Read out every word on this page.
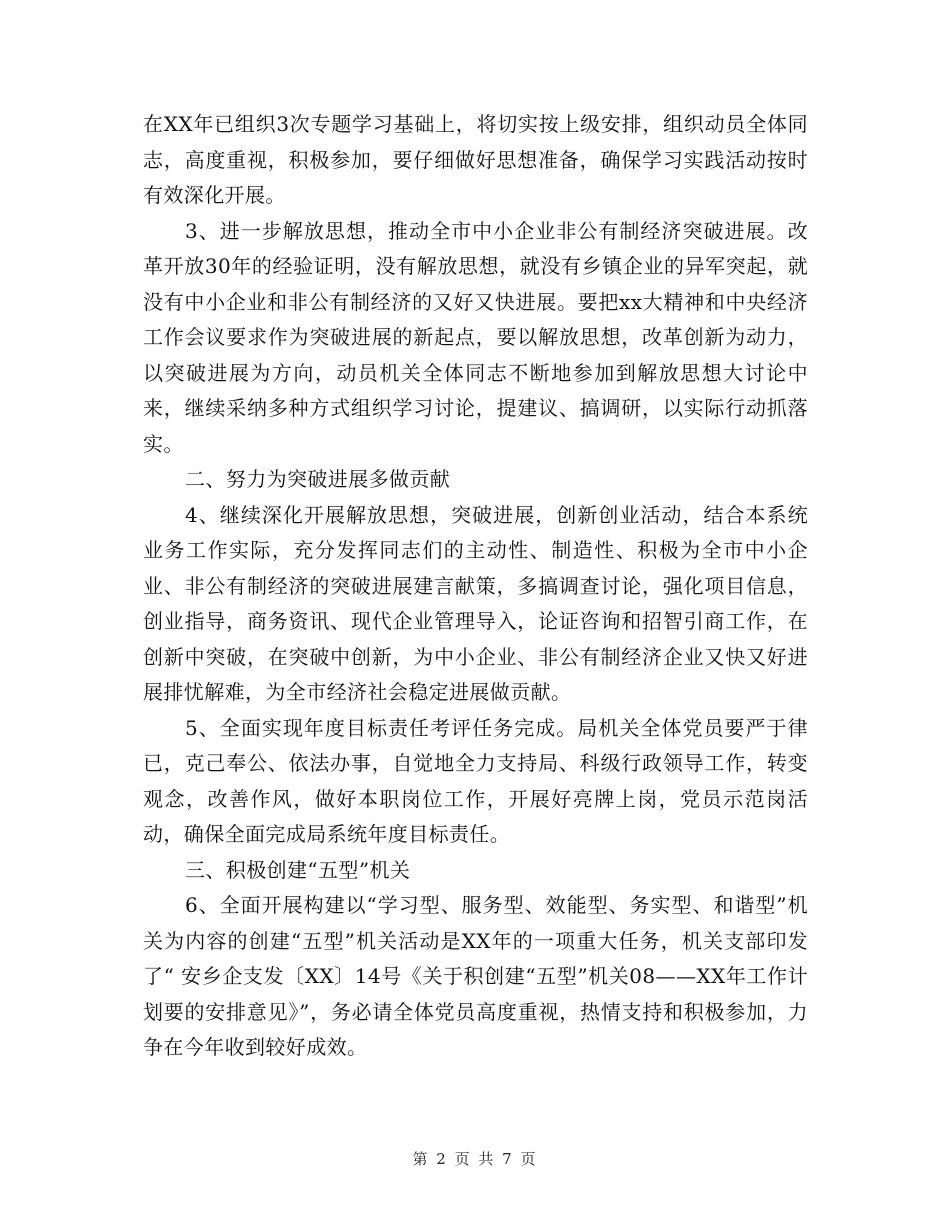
在XX年已组织3次专题学习基础上，将切实按上级安排，组织动员全体同志，高度重视，积极参加，要仔细做好思想准备，确保学习实践活动按时有效深化开展。

3、进一步解放思想，推动全市中小企业非公有制经济突破进展。改革开放30年的经验证明，没有解放思想，就没有乡镇企业的异军突起，就没有中小企业和非公有制经济的又好又快进展。要把xx大精神和中央经济工作会议要求作为突破进展的新起点，要以解放思想，改革创新为动力，以突破进展为方向，动员机关全体同志不断地参加到解放思想大讨论中来，继续采纳多种方式组织学习讨论，提建议、搞调研，以实际行动抓落实。

二、努力为突破进展多做贡献

4、继续深化开展解放思想，突破进展，创新创业活动，结合本系统业务工作实际，充分发挥同志们的主动性、制造性、积极为全市中小企业、非公有制经济的突破进展建言献策，多搞调查讨论，强化项目信息，创业指导，商务资讯、现代企业管理导入，论证咨询和招智引商工作，在创新中突破，在突破中创新，为中小企业、非公有制经济企业又快又好进展排忧解难，为全市经济社会稳定进展做贡献。

5、全面实现年度目标责任考评任务完成。局机关全体党员要严于律已，克己奉公、依法办事，自觉地全力支持局、科级行政领导工作，转变观念，改善作风，做好本职岗位工作，开展好亮牌上岗，党员示范岗活动，确保全面完成局系统年度目标责任。

三、积极创建“五型”机关

6、全面开展构建以“学习型、服务型、效能型、务实型、和谐型”机关为内容的创建“五型”机关活动是XX年的一项重大任务，机关支部印发了“ 安乡企支发〔XX〕14号《关于积创建“五型”机关08——XX年工作计划要的安排意见》”，务必请全体党员高度重视，热情支持和积极参加，力争在今年收到较好成效。

第 2 页 共 7 页
